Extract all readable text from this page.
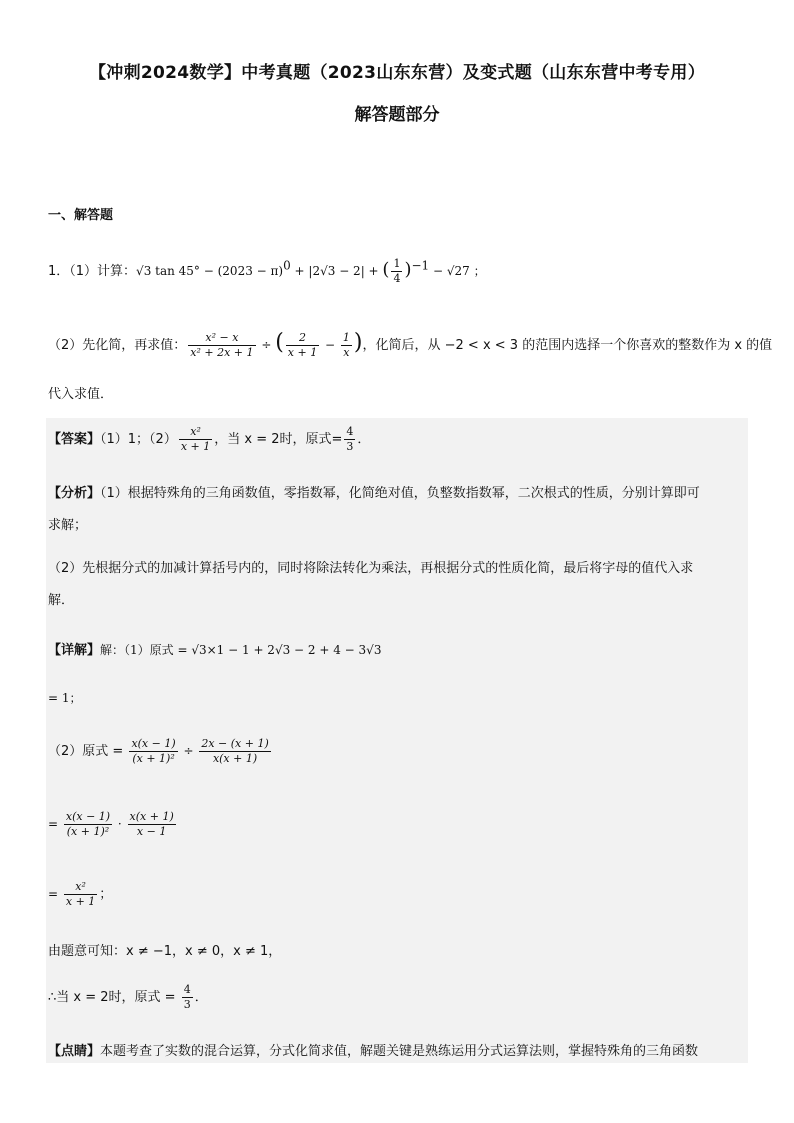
【冲刺2024数学】中考真题（2023山东东营）及变式题（山东东营中考专用）
解答题部分
一、解答题
1．（1）计算：√3 $\tan 45^\circ - (2023 - \pi)^0 + |2√3 - 2|$ + ( $\frac{1}{4} )^{-1} - √27$ ；
（2）先化简，再求值： $\frac{\text{x² − x}}{\text{x² + 2x + 1}}$ ÷ ( $\frac{2}{x + 1} - \frac{1}{x}$ )，化简后，从 −2 < x < 3 的范围内选择一个你喜欢的整数作为 x 的值
代入求值．
【答案】（1）1；$(2) \frac{\text{x²}}{x + 1}$ ，当 x = 2时，原式= $\frac{4}{3}$ ．
【分析】（1）根据特殊角的三角函数值，零指数幂，化简绝对值，负整数指数幂，二次根式的性质，分别计算即可
求解；
（2）先根据分式的加减计算括号内的，同时将除法转化为乘法，再根据分式的性质化简，最后将字母的值代入求
解．
【详解】解：（1）原式 = √3×1 − 1 + 2√3 − 2 + 4 − 3√3
= 1；
（2）原式 = $\frac{x(x - 1)}{\text{(x + 1)²}} \div \frac{2x - (x + 1)}{x(x + 1)}$
= $\frac{x(x - 1)}{\text{(x + 1)²}} \cdot \frac{x(x + 1)}{x - 1}$
= $\frac{\text{x²}}{x + 1}$ ；
由题意可知：x ≠ −1，x ≠ 0，x ≠ 1，
∴当 x = 2时，原式 = $\frac{4}{3}$ ．
【点睛】本题考查了实数的混合运算，分式化简求值，解题关键是熟练运用分式运算法则，掌握特殊角的三角函数
